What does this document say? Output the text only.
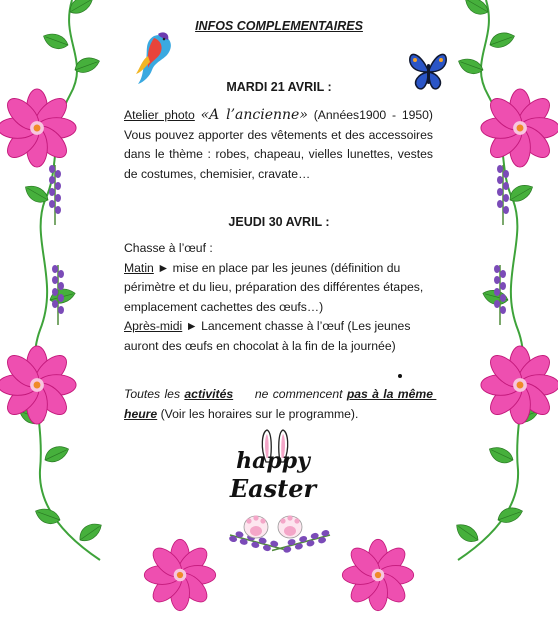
INFOS COMPLEMENTAIRES
MARDI 21 AVRIL :
Atelier photo «A l’ancienne» (Années1900 - 1950) Vous pouvez apporter des vêtements et des accessoires dans le thème : robes, chapeau, vielles lunettes, vestes de costumes, chemisier, cravate…
JEUDI 30 AVRIL :
Chasse à l’œuf :
Matin ► mise en place par les jeunes (définition du périmètre et du lieu, préparation des différentes étapes, emplacement cachettes des œufs…)
Après-midi ► Lancement chasse à l’œuf (Les jeunes auront des œufs en chocolat à la fin de la journée)
Toutes les activités     ne commencent pas à la même heure (Voir les horaires sur le programme).
happy
Easter
